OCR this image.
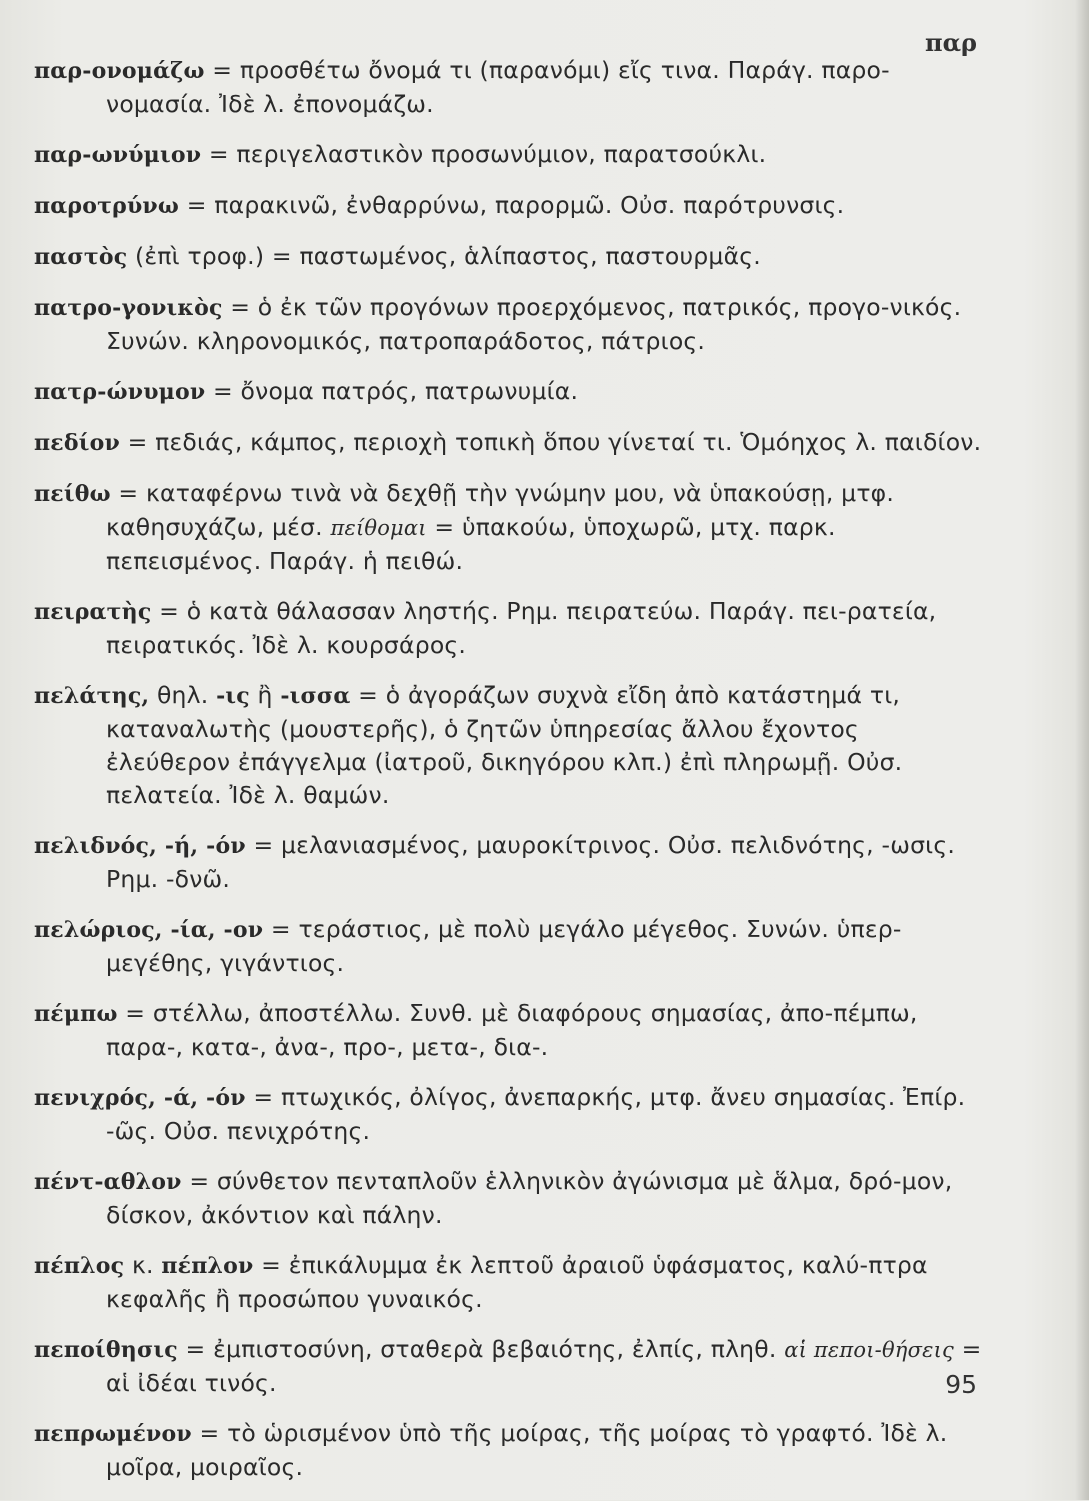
παρ
παρ-ονομάζω = προσθέτω ὄνομά τι (παρανόμι) εἴς τινα. Παράγ. παρο-νομασία. Ἰδὲ λ. ἐπονομάζω.
παρ-ωνύμιον = περιγελαστικὸν προσωνύμιον, παρατσούκλι.
παροτρύνω = παρακινῶ, ἐνθαρρύνω, παρορμῶ. Οὐσ. παρότρυνσις.
παστὸς (ἐπὶ τροφ.) = παστωμένος, ἁλίπαστος, παστουρμᾶς.
πατρο-γονικὸς = ὁ ἐκ τῶν προγόνων προερχόμενος, πατρικός, προγο-νικός. Συνών. κληρονομικός, πατροπαράδοτος, πάτριος.
πατρ-ώνυμον = ὄνομα πατρός, πατρωνυμία.
πεδίον = πεδιάς, κάμπος, περιοχὴ τοπικὴ ὅπου γίνεταί τι. Ὁμόηχος λ. παιδίον.
πείθω = καταφέρνω τινὰ νὰ δεχθῇ τὴν γνώμην μου, νὰ ὑπακούσῃ, μτφ. καθησυχάζω, μέσ. πείθομαι = ὑπακούω, ὑποχωρῶ, μτχ. παρκ. πεπεισμένος. Παράγ. ἡ πειθώ.
πειρατὴς = ὁ κατὰ θάλασσαν ληστής. Ρημ. πειρατεύω. Παράγ. πει-ρατεία, πειρατικός. Ἰδὲ λ. κουρσάρος.
πελάτης, θηλ. -ις ἢ -ισσα = ὁ ἀγοράζων συχνὰ εἴδη ἀπὸ κατάστημά τι, καταναλωτὴς (μουστερῆς), ὁ ζητῶν ὑπηρεσίας ἄλλου ἔχοντος ἐλεύθερον ἐπάγγελμα (ἰατροῦ, δικηγόρου κλπ.) ἐπὶ πληρωμῇ. Οὐσ. πελατεία. Ἰδὲ λ. θαμών.
πελιδνός, -ή, -όν = μελανιασμένος, μαυροκίτρινος. Οὐσ. πελιδνότης, -ωσις. Ρημ. -δνῶ.
πελώριος, -ία, -ον = τεράστιος, μὲ πολὺ μεγάλο μέγεθος. Συνών. ὑπερ-μεγέθης, γιγάντιος.
πέμπω = στέλλω, ἀποστέλλω. Συνθ. μὲ διαφόρους σημασίας, ἀπο-πέμπω, παρα-, κατα-, ἀνα-, προ-, μετα-, δια-.
πενιχρός, -ά, -όν = πτωχικός, ὀλίγος, ἀνεπαρκής, μτφ. ἄνευ σημασίας. Ἐπίρ. -ῶς. Οὐσ. πενιχρότης.
πέντ-αθλον = σύνθετον πενταπλοῦν ἑλληνικὸν ἀγώνισμα μὲ ἅλμα, δρό-μον, δίσκον, ἀκόντιον καὶ πάλην.
πέπλος κ. πέπλον = ἐπικάλυμμα ἐκ λεπτοῦ ἀραιοῦ ὑφάσματος, καλύ-πτρα κεφαλῆς ἢ προσώπου γυναικός.
πεποίθησις = ἐμπιστοσύνη, σταθερὰ βεβαιότης, ἐλπίς, πληθ. αἱ πεποι-θήσεις = αἱ ἰδέαι τινός.
πεπρωμένον = τὸ ὡρισμένον ὑπὸ τῆς μοίρας, τῆς μοίρας τὸ γραφτό. Ἰδὲ λ. μοῖρα, μοιραῖος.
95
